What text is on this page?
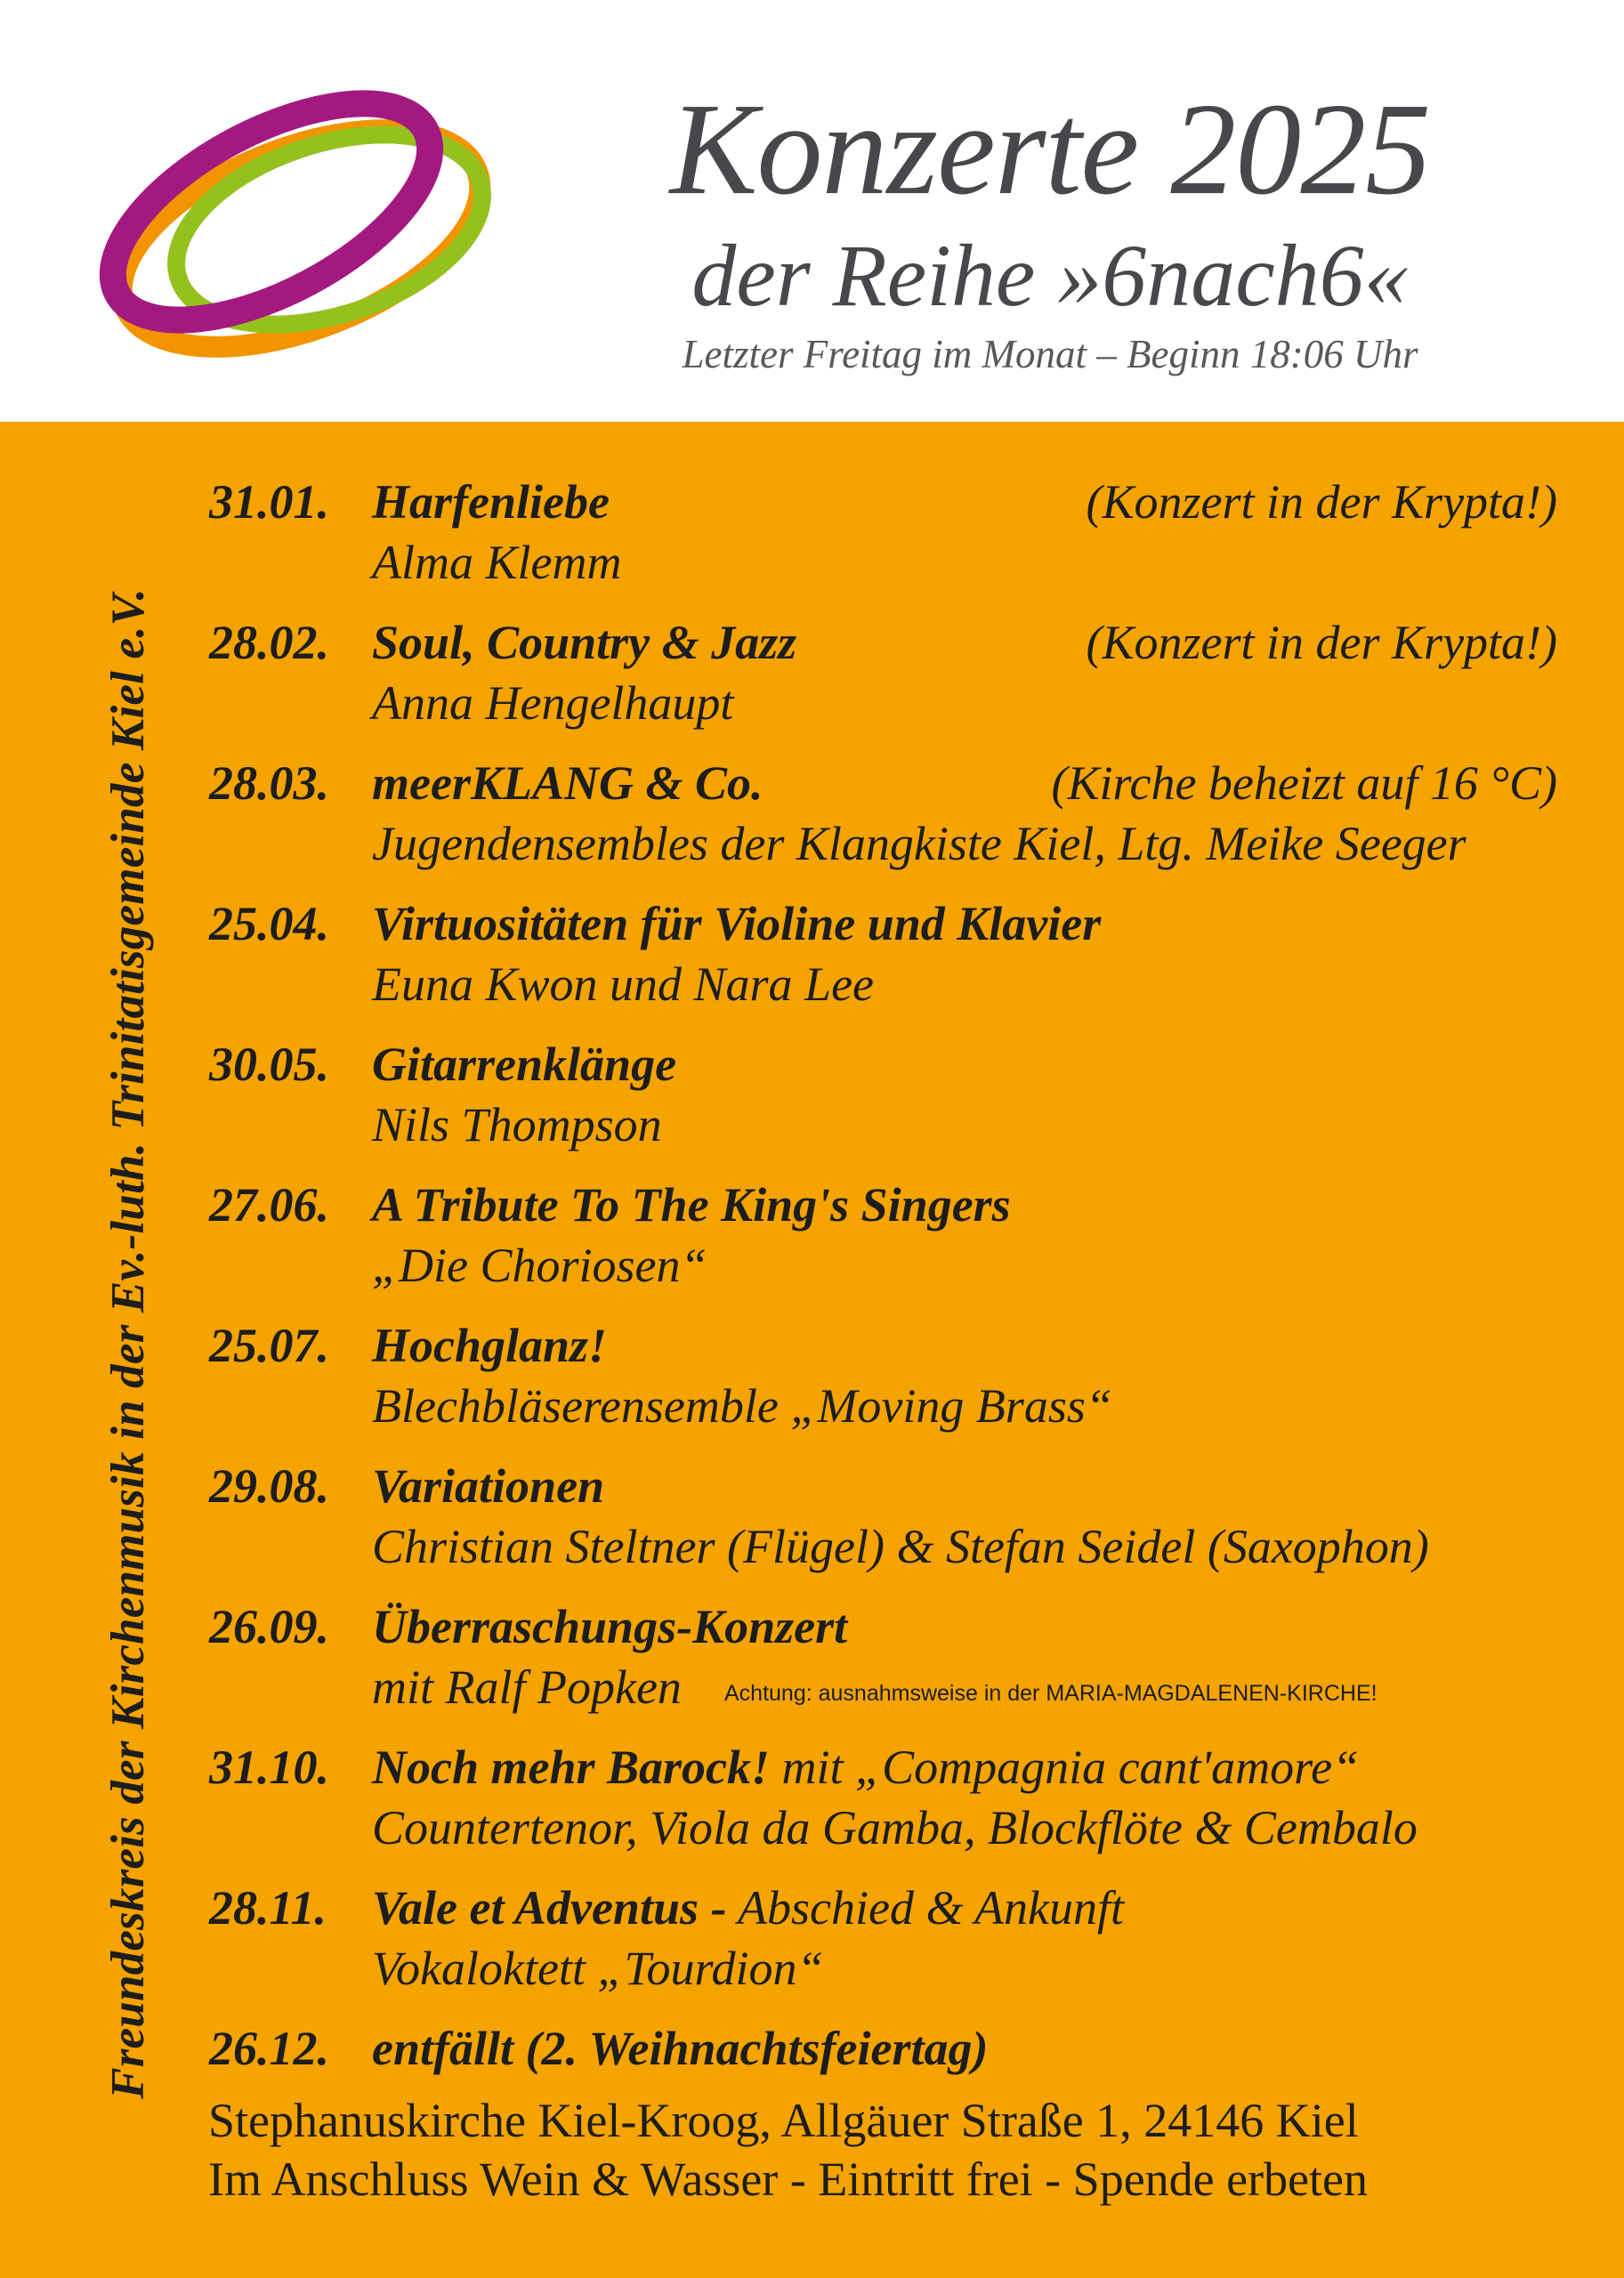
Konzerte 2025
der Reihe »6nach6«
Letzter Freitag im Monat – Beginn 18:06 Uhr
Freundeskreis der Kirchenmusik in der Ev.-luth. Trinitatisgemeinde Kiel e.V.
31.01. Harfenliebe	(Konzert in der Krypta!)
Alma Klemm
28.02. Soul, Country & Jazz	(Konzert in der Krypta!)
Anna Hengelhaupt
28.03. meerKLANG & Co.	(Kirche beheizt auf 16 °C)
Jugendensembles der Klangkiste Kiel, Ltg. Meike Seeger
25.04. Virtuositäten für Violine und Klavier
Euna Kwon und Nara Lee
30.05. Gitarrenklänge
Nils Thompson
27.06. A Tribute To The King's Singers
„Die Choriosen“
25.07. Hochglanz!
Blechbläserensemble „Moving Brass“
29.08. Variationen
Christian Steltner (Flügel) & Stefan Seidel (Saxophon)
26.09. Überraschungs-Konzert
mit Ralf Popken Achtung: ausnahmsweise in der MARIA-MAGDALENEN-KIRCHE!
31.10. Noch mehr Barock! mit „Compagnia cant'amore“
Countertenor, Viola da Gamba, Blockflöte & Cembalo
28.11. Vale et Adventus - Abschied & Ankunft
Vokaloktett „Tourdion“
26.12. entfällt (2. Weihnachtsfeiertag)

Stephanuskirche Kiel-Kroog, Allgäuer Straße 1, 24146 Kiel

Im Anschluss Wein & Wasser - Eintritt frei - Spende erbeten
